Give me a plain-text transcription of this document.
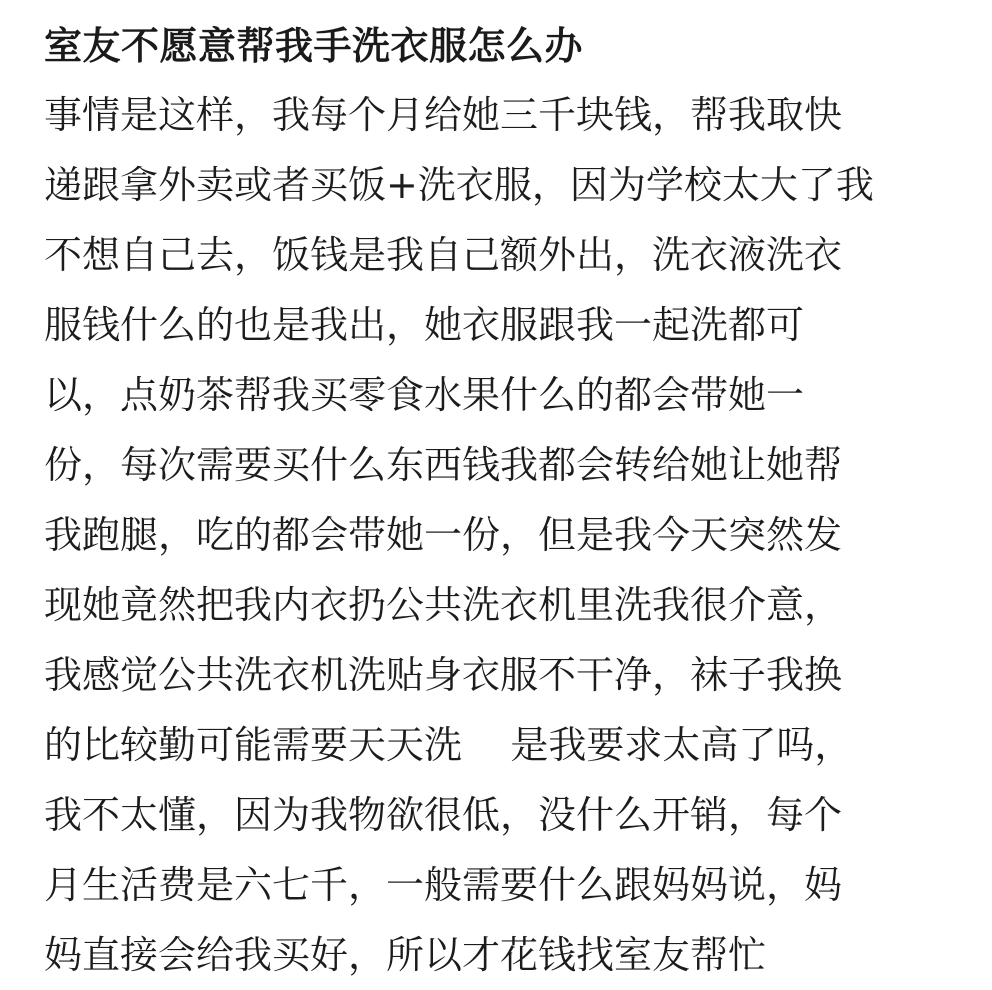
室友不愿意帮我手洗衣服怎么办
事情是这样，我每个月给她三千块钱，帮我取快
递跟拿外卖或者买饭+洗衣服，因为学校太大了我
不想自己去，饭钱是我自己额外出，洗衣液洗衣
服钱什么的也是我出，她衣服跟我一起洗都可
以，点奶茶帮我买零食水果什么的都会带她一
份，每次需要买什么东西钱我都会转给她让她帮
我跑腿，吃的都会带她一份，但是我今天突然发
现她竟然把我内衣扔公共洗衣机里洗我很介意，
我感觉公共洗衣机洗贴身衣服不干净，袜子我换
的比较勤可能需要天天洗    是我要求太高了吗，
我不太懂，因为我物欲很低，没什么开销，每个
月生活费是六七千，一般需要什么跟妈妈说，妈
妈直接会给我买好，所以才花钱找室友帮忙
